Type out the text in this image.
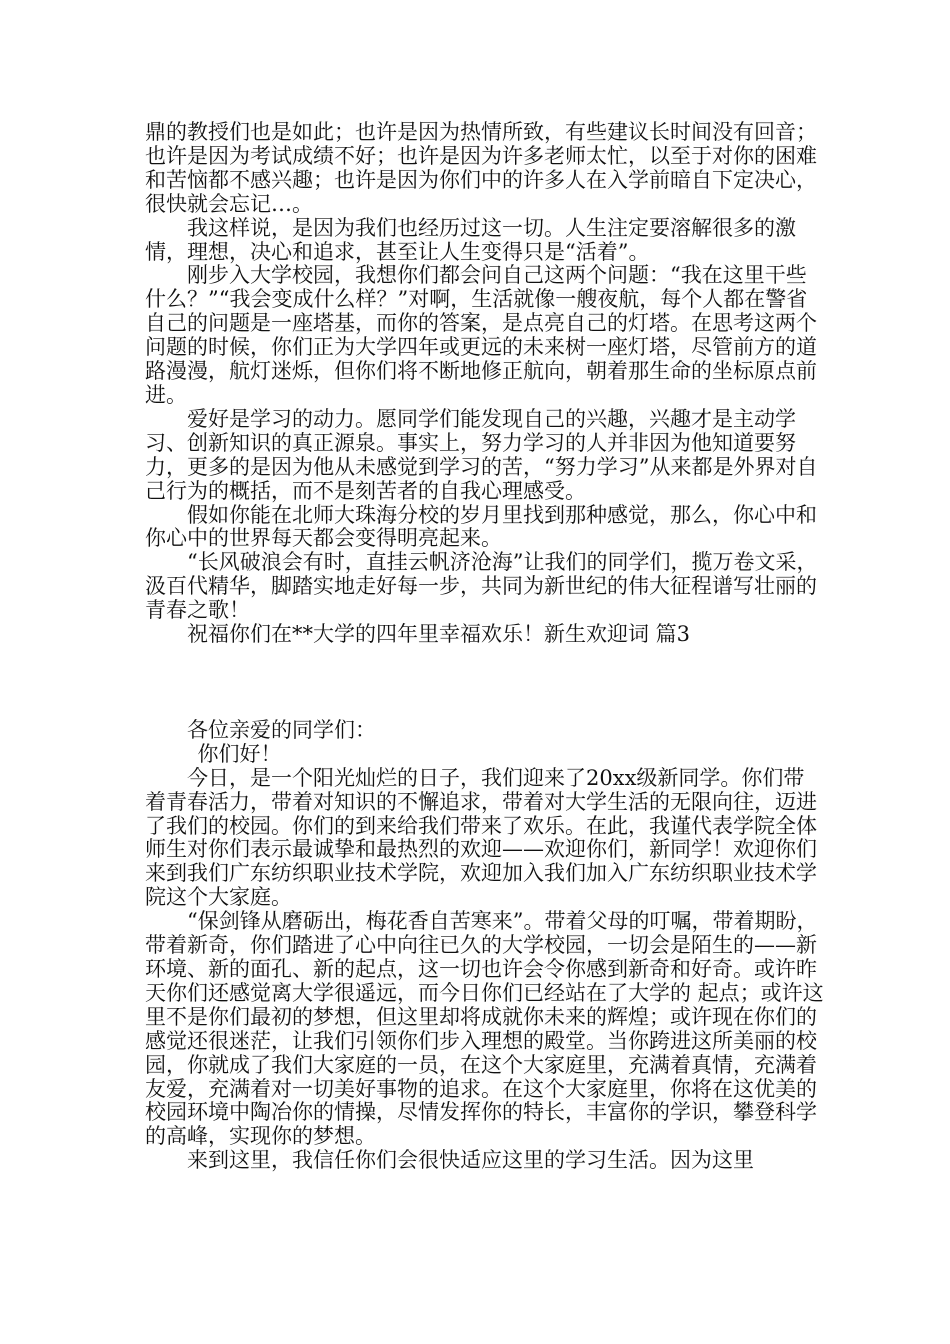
鼎的教授们也是如此；也许是因为热情所致，有些建议长时间没有回音；也许是因为考试成绩不好；也许是因为许多老师太忙，以至于对你的困难和苦恼都不感兴趣；也许是因为你们中的许多人在入学前暗自下定决心，很快就会忘记…。

我这样说，是因为我们也经历过这一切。人生注定要溶解很多的激情，理想，决心和追求，甚至让人生变得只是“活着”。

刚步入大学校园，我想你们都会问自己这两个问题：“我在这里干些什么？”“我会变成什么样？”对啊，生活就像一艘夜航，每个人都在警省自己的问题是一座塔基，而你的答案，是点亮自己的灯塔。在思考这两个问题的时候，你们正为大学四年或更远的未来树一座灯塔，尽管前方的道路漫漫，航灯迷烁，但你们将不断地修正航向，朝着那生命的坐标原点前进。

爱好是学习的动力。愿同学们能发现自己的兴趣，兴趣才是主动学习、创新知识的真正源泉。事实上，努力学习的人并非因为他知道要努力，更多的是因为他从未感觉到学习的苦，“努力学习”从来都是外界对自己行为的概括，而不是刻苦者的自我心理感受。

假如你能在北师大珠海分校的岁月里找到那种感觉，那么，你心中和你心中的世界每天都会变得明亮起来。

“长风破浪会有时，直挂云帆济沧海”让我们的同学们，揽万卷文采，汲百代精华，脚踏实地走好每一步，共同为新世纪的伟大征程谱写壮丽的青春之歌！

祝福你们在**大学的四年里幸福欢乐！新生欢迎词 篇3

各位亲爱的同学们：

你们好！

今日，是一个阳光灿烂的日子，我们迎来了20xx级新同学。你们带着青春活力，带着对知识的不懈追求，带着对大学生活的无限向往，迈进了我们的校园。你们的到来给我们带来了欢乐。在此，我谨代表学院全体师生对你们表示最诚挚和最热烈的欢迎——欢迎你们，新同学！欢迎你们来到我们广东纺织职业技术学院，欢迎加入我们加入广东纺织职业技术学院这个大家庭。

“保剑锋从磨砺出，梅花香自苦寒来”。带着父母的叮嘱，带着期盼，带着新奇，你们踏进了心中向往已久的大学校园，一切会是陌生的——新环境、新的面孔、新的起点，这一切也许会令你感到新奇和好奇。或许昨天你们还感觉离大学很遥远，而今日你们已经站在了大学的 起点；或许这里不是你们最初的梦想，但这里却将成就你未来的辉煌；或许现在你们的感觉还很迷茫，让我们引领你们步入理想的殿堂。当你跨进这所美丽的校园，你就成了我们大家庭的一员，在这个大家庭里，充满着真情，充满着友爱，充满着对一切美好事物的追求。在这个大家庭里，你将在这优美的校园环境中陶冶你的情操，尽情发挥你的特长，丰富你的学识，攀登科学的高峰，实现你的梦想。

来到这里，我信任你们会很快适应这里的学习生活。因为这里
